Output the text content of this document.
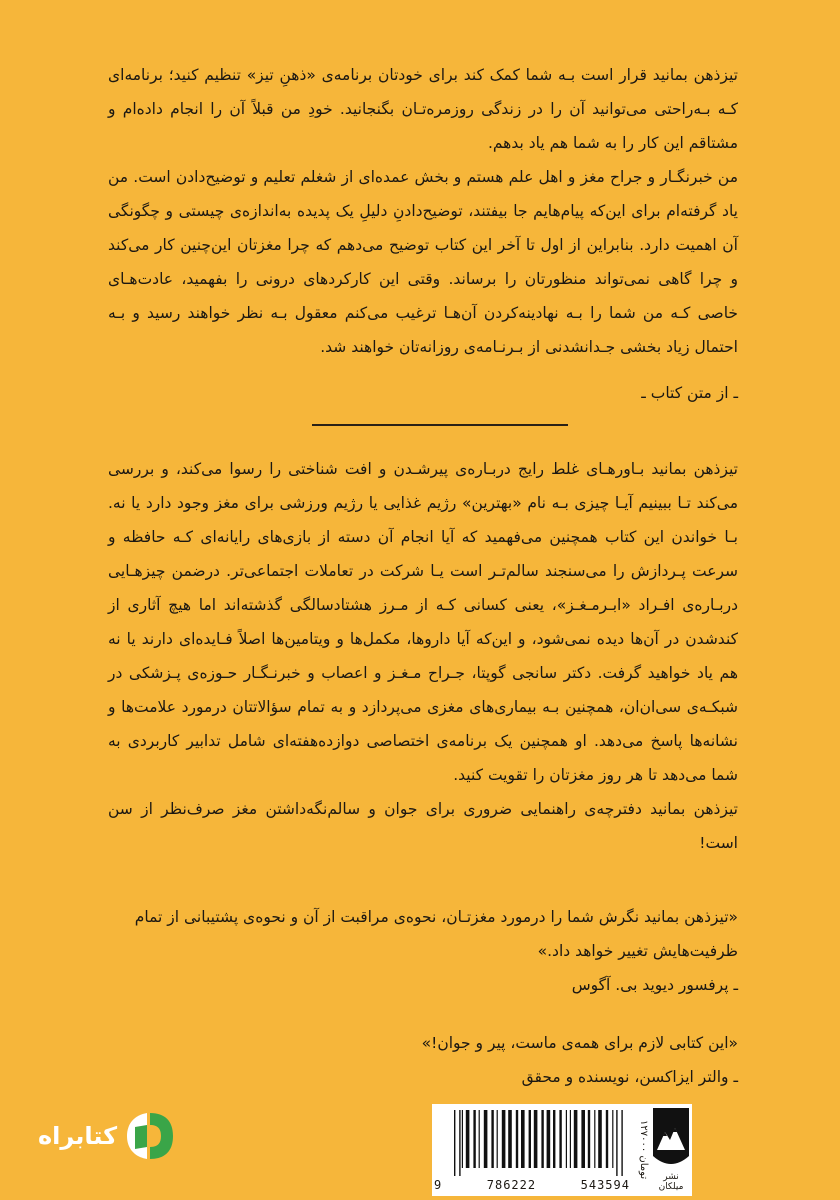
تیزذهن بمانید قرار است بـه شما کمک کند برای خودتان برنامه‌ی «ذهنِ تیز» تنظیم کنید؛ برنامه‌ای کـه بـه‌راحتی می‌توانید آن را در زندگی روزمره‌تـان بگنجانید. خودِ من قبلاً آن را انجام داده‌ام و مشتاقم این کار را به شما هم یاد بدهم.

من خبرنگـار و جراح مغز و اهل علم هستم و بخش عمده‌ای از شغلم تعلیم و توضیح‌دادن است. من یاد گرفته‌ام برای این‌که پیام‌هایم جا بیفتند، توضیح‌دادنِ دلیلِ یک پدیده به‌اندازه‌ی چیستی و چگونگی آن اهمیت دارد. بنابراین از اول تا آخر این کتاب توضیح می‌دهم که چرا مغزتان این‌چنین کار می‌کند و چرا گاهی نمی‌تواند منظورتان را برساند. وقتی این کارکردهای درونی را بفهمید، عادت‌هـای خاصی کـه من شما را بـه نهادینه‌کردن آن‌هـا ترغیب می‌کنم معقول بـه نظر خواهند رسید و بـه احتمال زیاد بخشی جـدانشدنی از بـرنـامه‌ی روزانه‌تان خواهند شد.

ـ از متن کتاب ـ

تیزذهن بمانید بـاورهـای غلط رایج دربـاره‌ی پیرشـدن و افت شناختی را رسوا می‌کند، و بررسی می‌کند تـا ببینیم آیـا چیزی بـه نام «بهترین» رژیم غذایی یا رژیم ورزشی برای مغز وجود دارد یا نه. بـا خواندن این کتاب همچنین می‌فهمید که آیا انجام آن دسته از بازی‌های رایانه‌ای کـه حافظه و سرعت پـردازش را می‌سنجند سالم‌تـر است یـا شرکت در تعاملات اجتماعی‌تر. درضمن چیزهـایی دربـاره‌ی افـراد «ابـرمـغـز»، یعنی کسانی کـه از مـرز هشتادسالگی گذشته‌اند اما هیچ آثاری از کندشدن در آن‌ها دیده نمی‌شود، و این‌که آیا داروها، مکمل‌ها و ویتامین‌ها اصلاً فـایده‌ای دارند یا نه هم یاد خواهید گرفت. دکتر سانجی گوپتا، جـراح مـغـز و اعصاب و خبرنـگـار حـوزه‌ی پـزشکی در شبکـه‌ی سی‌ان‌ان، همچنین بـه بیماری‌های مغزی می‌پردازد و به تمام سؤالاتتان درمورد علامت‌ها و نشانه‌ها پاسخ می‌دهد. او همچنین یک برنامه‌ی اختصاصی دوازده‌هفته‌ای شامل تدابیر کاربردی به شما می‌دهد تا هر روز مغزتان را تقویت کنید.

تیزذهن بمانید دفترچه‌ی راهنمایی ضروری برای جوان و سالم‌نگه‌داشتن مغز صرف‌نظر از سن است!

«تیزذهن بمانید نگرش شما را درمورد مغزتـان، نحوه‌ی مراقبت از آن و نحوه‌ی پشتیبانی از تمام ظرفیت‌هایش تغییر خواهد داد.»

ـ پرفسور دیوید بی. آگوس

«این کتابی لازم برای همه‌ی ماست، پیر و جوان!»

ـ والتر ایزاکسن، نویسنده و محقق

کتابراه
9	786222	543594
۱۲۷۰۰۰ تومان	نشر میلکان
